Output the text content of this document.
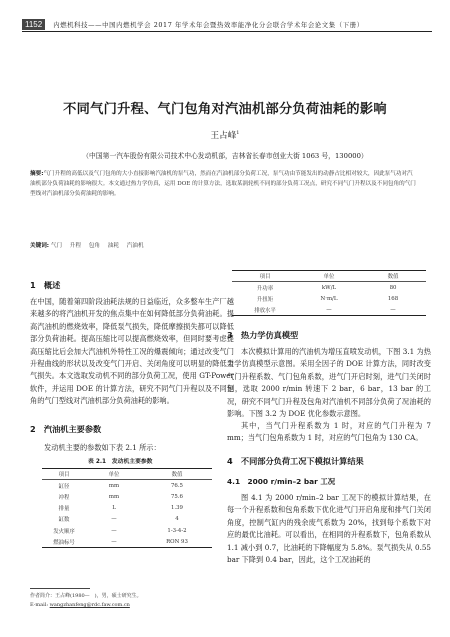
1152	内燃机科技——中国内燃机学会 2017 年学术年会暨热效率能净化分会联合学术年会论文集（下册）
不同气门升程、气门包角对汽油机部分负荷油耗的影响
王占峰$^1$
（中国第一汽车股份有限公司技术中心发动机部，吉林省长春市创业大街 1063 号，130000）
摘要:气门升程的高低以及气门包角的大小直接影响汽油机的泵气功，然而在汽油机部分负荷工况，泵气功由节能发出的动静占比相对较大，因此泵气功对汽油机部分负荷油耗的影响很大。本文通过热力学仿真，运用 DOE 的计算方法，选取某涡轮机不同的部分负荷工况点，研究不同气门升程以及不同包角的气门型线对汽油机部分负荷油耗的影响。
关键词: 气门 升程 包角 油耗 汽油机
1　概述
在中国，随着第四阶段油耗法规的日益临近，众多整车生产厂越来越多的将汽油机开发的焦点集中在如何降低部分负荷油耗。提高汽油机的燃烧效率，降低泵气损失，降低摩擦损失都可以降低部分负荷油耗。提高压缩比可以提高燃烧效率，但同时要考虑提高压缩比后会加大汽油机外特性工况的爆震倾向；通过改变气门升程曲线的形状以及改变气门开启、关闭角度可以明显的降低泵气损失。本文选取发动机不同的部分负荷工况，使用 GT-Power 软件，并运用 DOE 的计算方法，研究不同气门升程以及不同包角的气门型线对汽油机部分负荷油耗的影响。
2　汽油机主要参数
发动机主要的参数如下表 2.1 所示：
表 2.1　发动机主要参数
项目	单位	数值
缸径	mm	76.5
冲程	mm	75.6
排量	L	1.39
缸数	—	4
发火顺序	—	1-3-4-2
燃油标号	—	RON 93
作者简介：王占峰(1980—　)，男，硕士研究生。
E-mail: wangzhanfeng@rdc.faw.com.cn
项目	单位	数值
升功率	kW/L	80
升扭矩	N·m/L	168
排放水平	—	—
3　热力学仿真模型
本次模拟计算用的汽油机为增压直喷发动机，下图 3.1 为热力学仿真模型示意图。采用全因子的 DOE 计算方法，同时改变气门升程系数、气门包角系数，进气门开启时刻，进气门关闭时刻，选取 2000 r/min 转速下 2 bar，6 bar，13 bar 的工况，研究不同气门升程及包角对汽油机不同部分负荷了况油耗的影响。下图 3.2 为 DOE 优化参数示意图。
其中，当气门升程系数为 1 时，对应的气门升程为 7 mm；当气门包角系数为 1 时，对应的气门包角为 130 CA。
4　不同部分负荷工况下模拟计算结果
4.1　2000 r/min–2 bar 工况
图 4.1 为 2000 r/min–2 bar 工况下的模拟计算结果，在每一个升程系数和包角系数下优化进气门开启角度和排气门关闭角度，控制气缸内的残余废气系数为 20%，找到每个系数下对应的最优比油耗。可以看出，在相同的升程系数下，包角系数从 1.1 减小到 0.7，比油耗的下降幅度为 5.8%。泵气损失从 0.55 bar 下降到 0.4 bar，因此，这个工况油耗的
